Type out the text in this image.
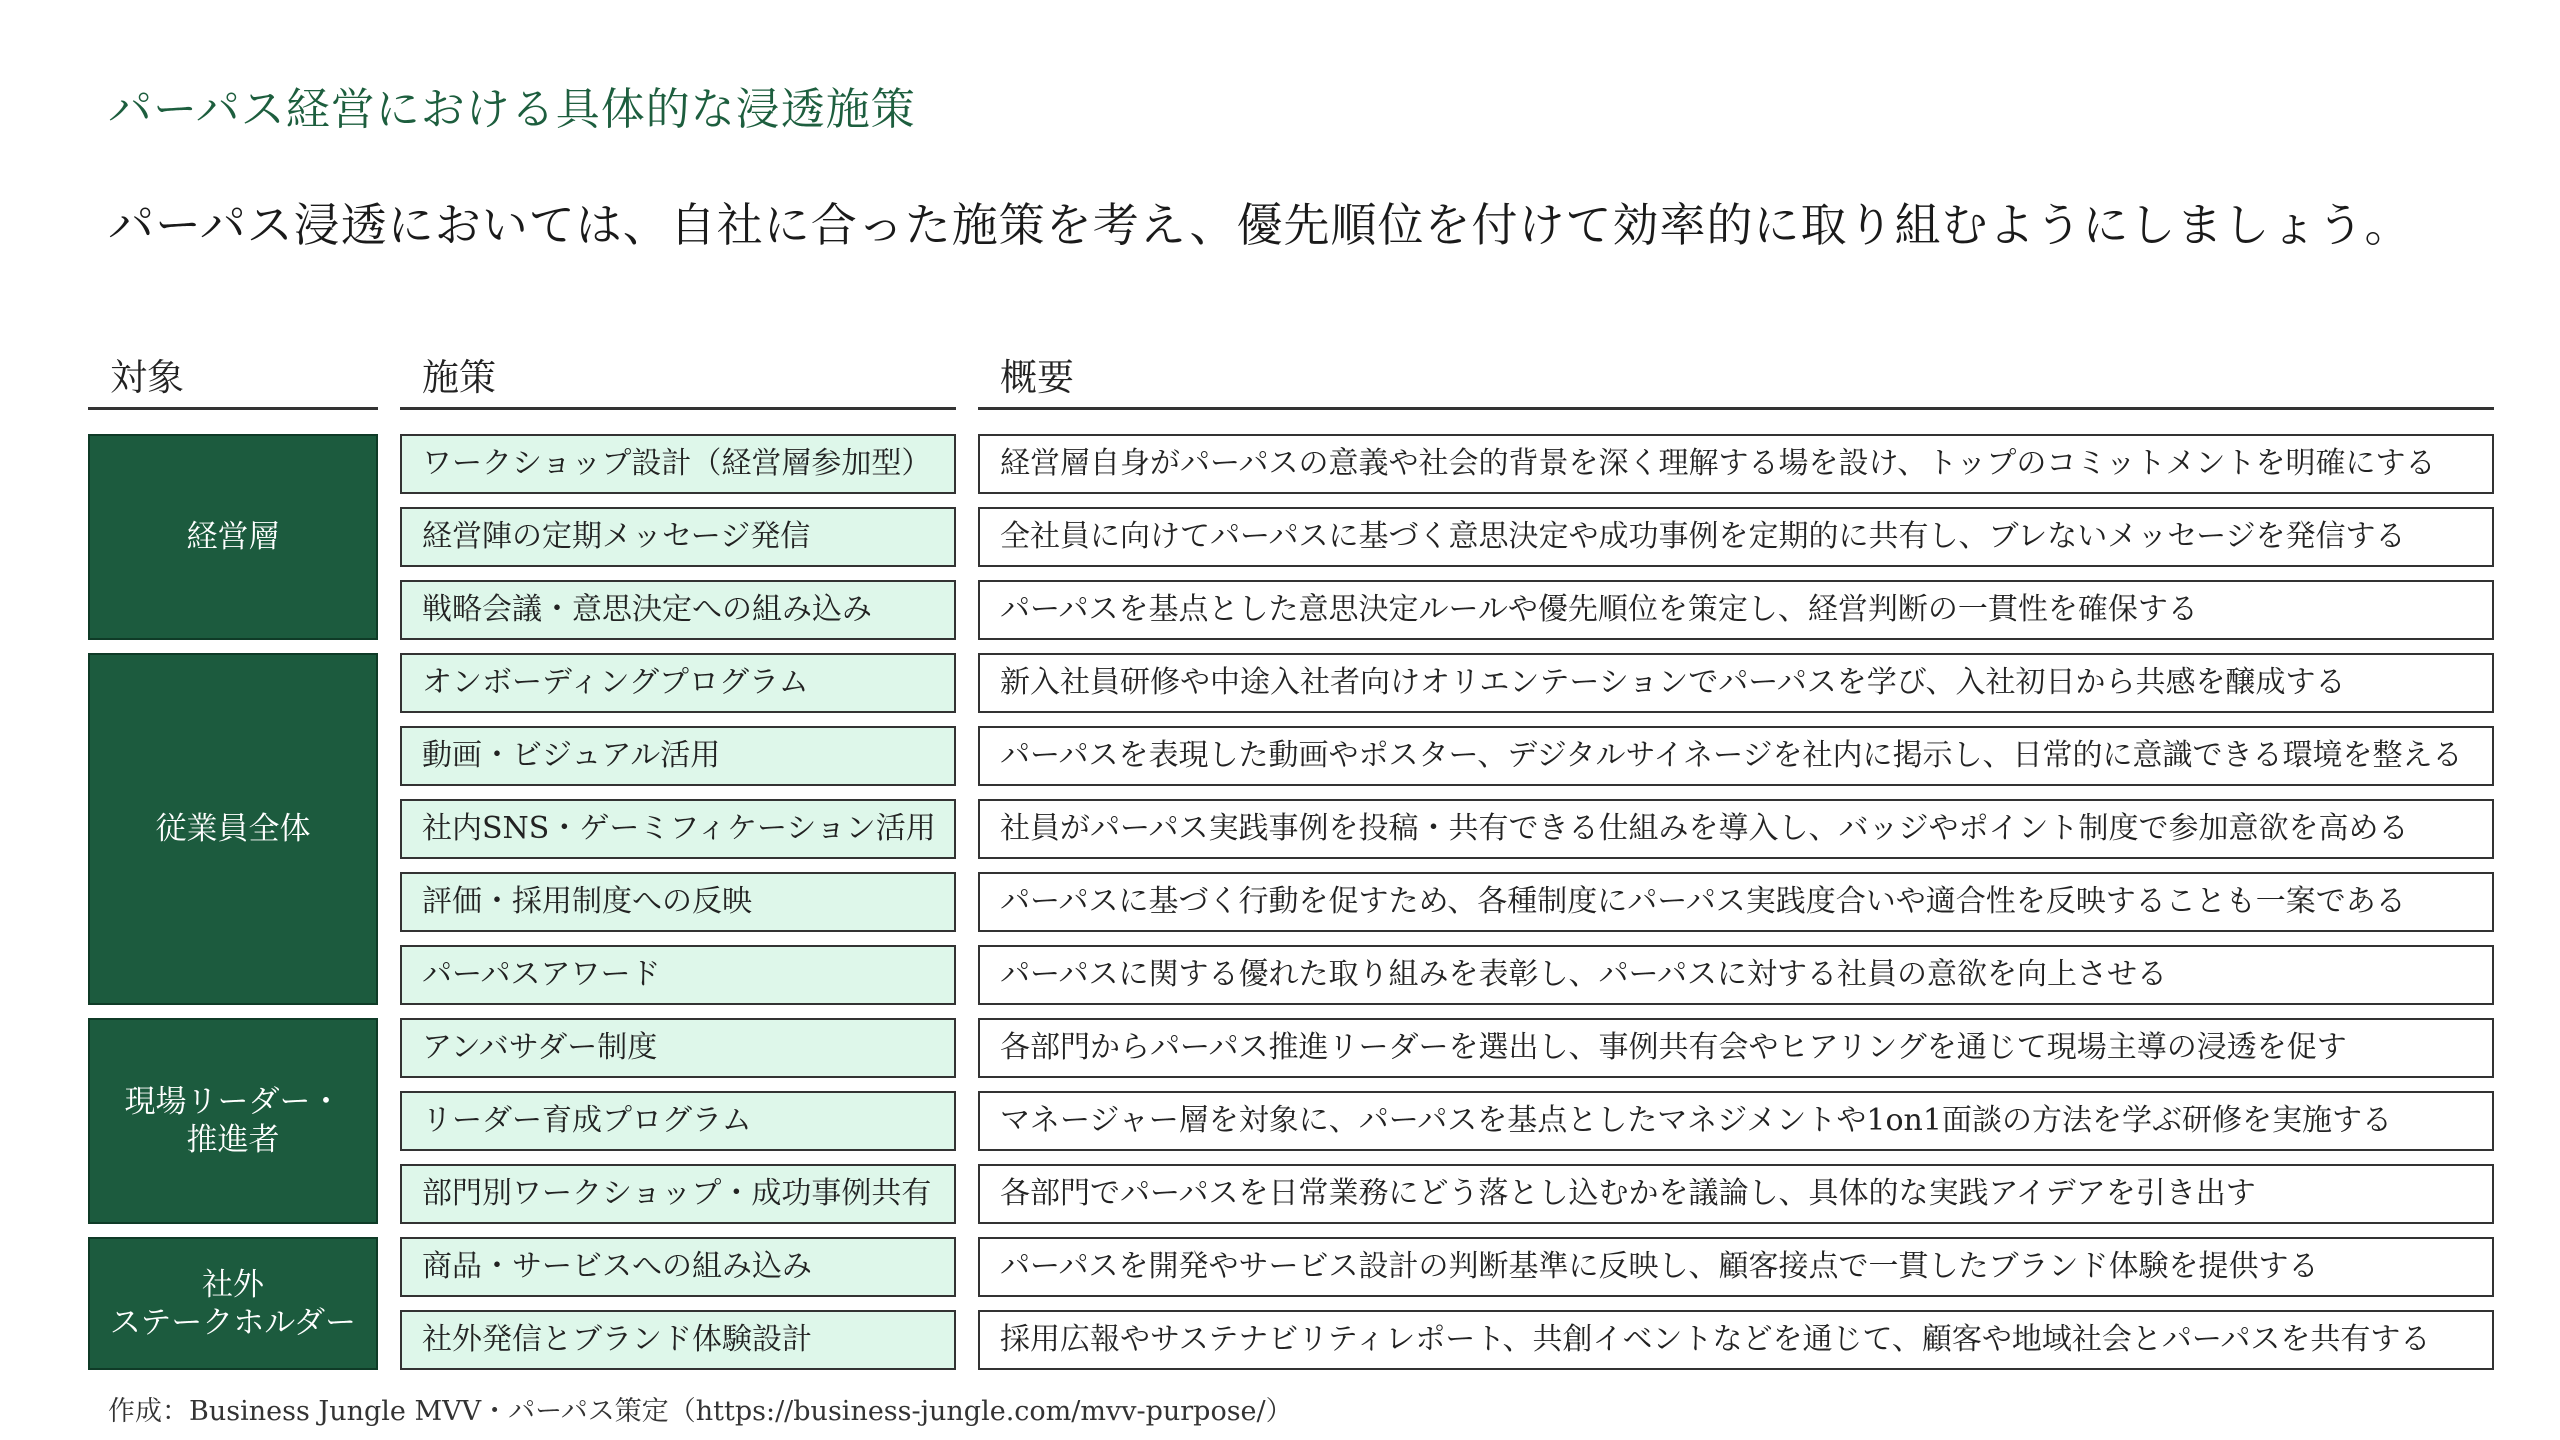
パーパス経営における具体的な浸透施策
パーパス浸透においては、自社に合った施策を考え、優先順位を付けて効率的に取り組むようにしましょう。
対象	施策	概要
経営層
ワークショップ設計（経営層参加型）	経営層自身がパーパスの意義や社会的背景を深く理解する場を設け、トップのコミットメントを明確にする
経営陣の定期メッセージ発信	全社員に向けてパーパスに基づく意思決定や成功事例を定期的に共有し、ブレないメッセージを発信する
戦略会議・意思決定への組み込み	パーパスを基点とした意思決定ルールや優先順位を策定し、経営判断の一貫性を確保する
従業員全体
オンボーディングプログラム	新入社員研修や中途入社者向けオリエンテーションでパーパスを学び、入社初日から共感を醸成する
動画・ビジュアル活用	パーパスを表現した動画やポスター、デジタルサイネージを社内に掲示し、日常的に意識できる環境を整える
社内SNS・ゲーミフィケーション活用	社員がパーパス実践事例を投稿・共有できる仕組みを導入し、バッジやポイント制度で参加意欲を高める
評価・採用制度への反映	パーパスに基づく行動を促すため、各種制度にパーパス実践度合いや適合性を反映することも一案である
パーパスアワード	パーパスに関する優れた取り組みを表彰し、パーパスに対する社員の意欲を向上させる
現場リーダー・
推進者
アンバサダー制度	各部門からパーパス推進リーダーを選出し、事例共有会やヒアリングを通じて現場主導の浸透を促す
リーダー育成プログラム	マネージャー層を対象に、パーパスを基点としたマネジメントや1on1面談の方法を学ぶ研修を実施する
部門別ワークショップ・成功事例共有	各部門でパーパスを日常業務にどう落とし込むかを議論し、具体的な実践アイデアを引き出す
社外
ステークホルダー
商品・サービスへの組み込み	パーパスを開発やサービス設計の判断基準に反映し、顧客接点で一貫したブランド体験を提供する
社外発信とブランド体験設計	採用広報やサステナビリティレポート、共創イベントなどを通じて、顧客や地域社会とパーパスを共有する
作成：Business Jungle MVV・パーパス策定（https://business-jungle.com/mvv-purpose/）
